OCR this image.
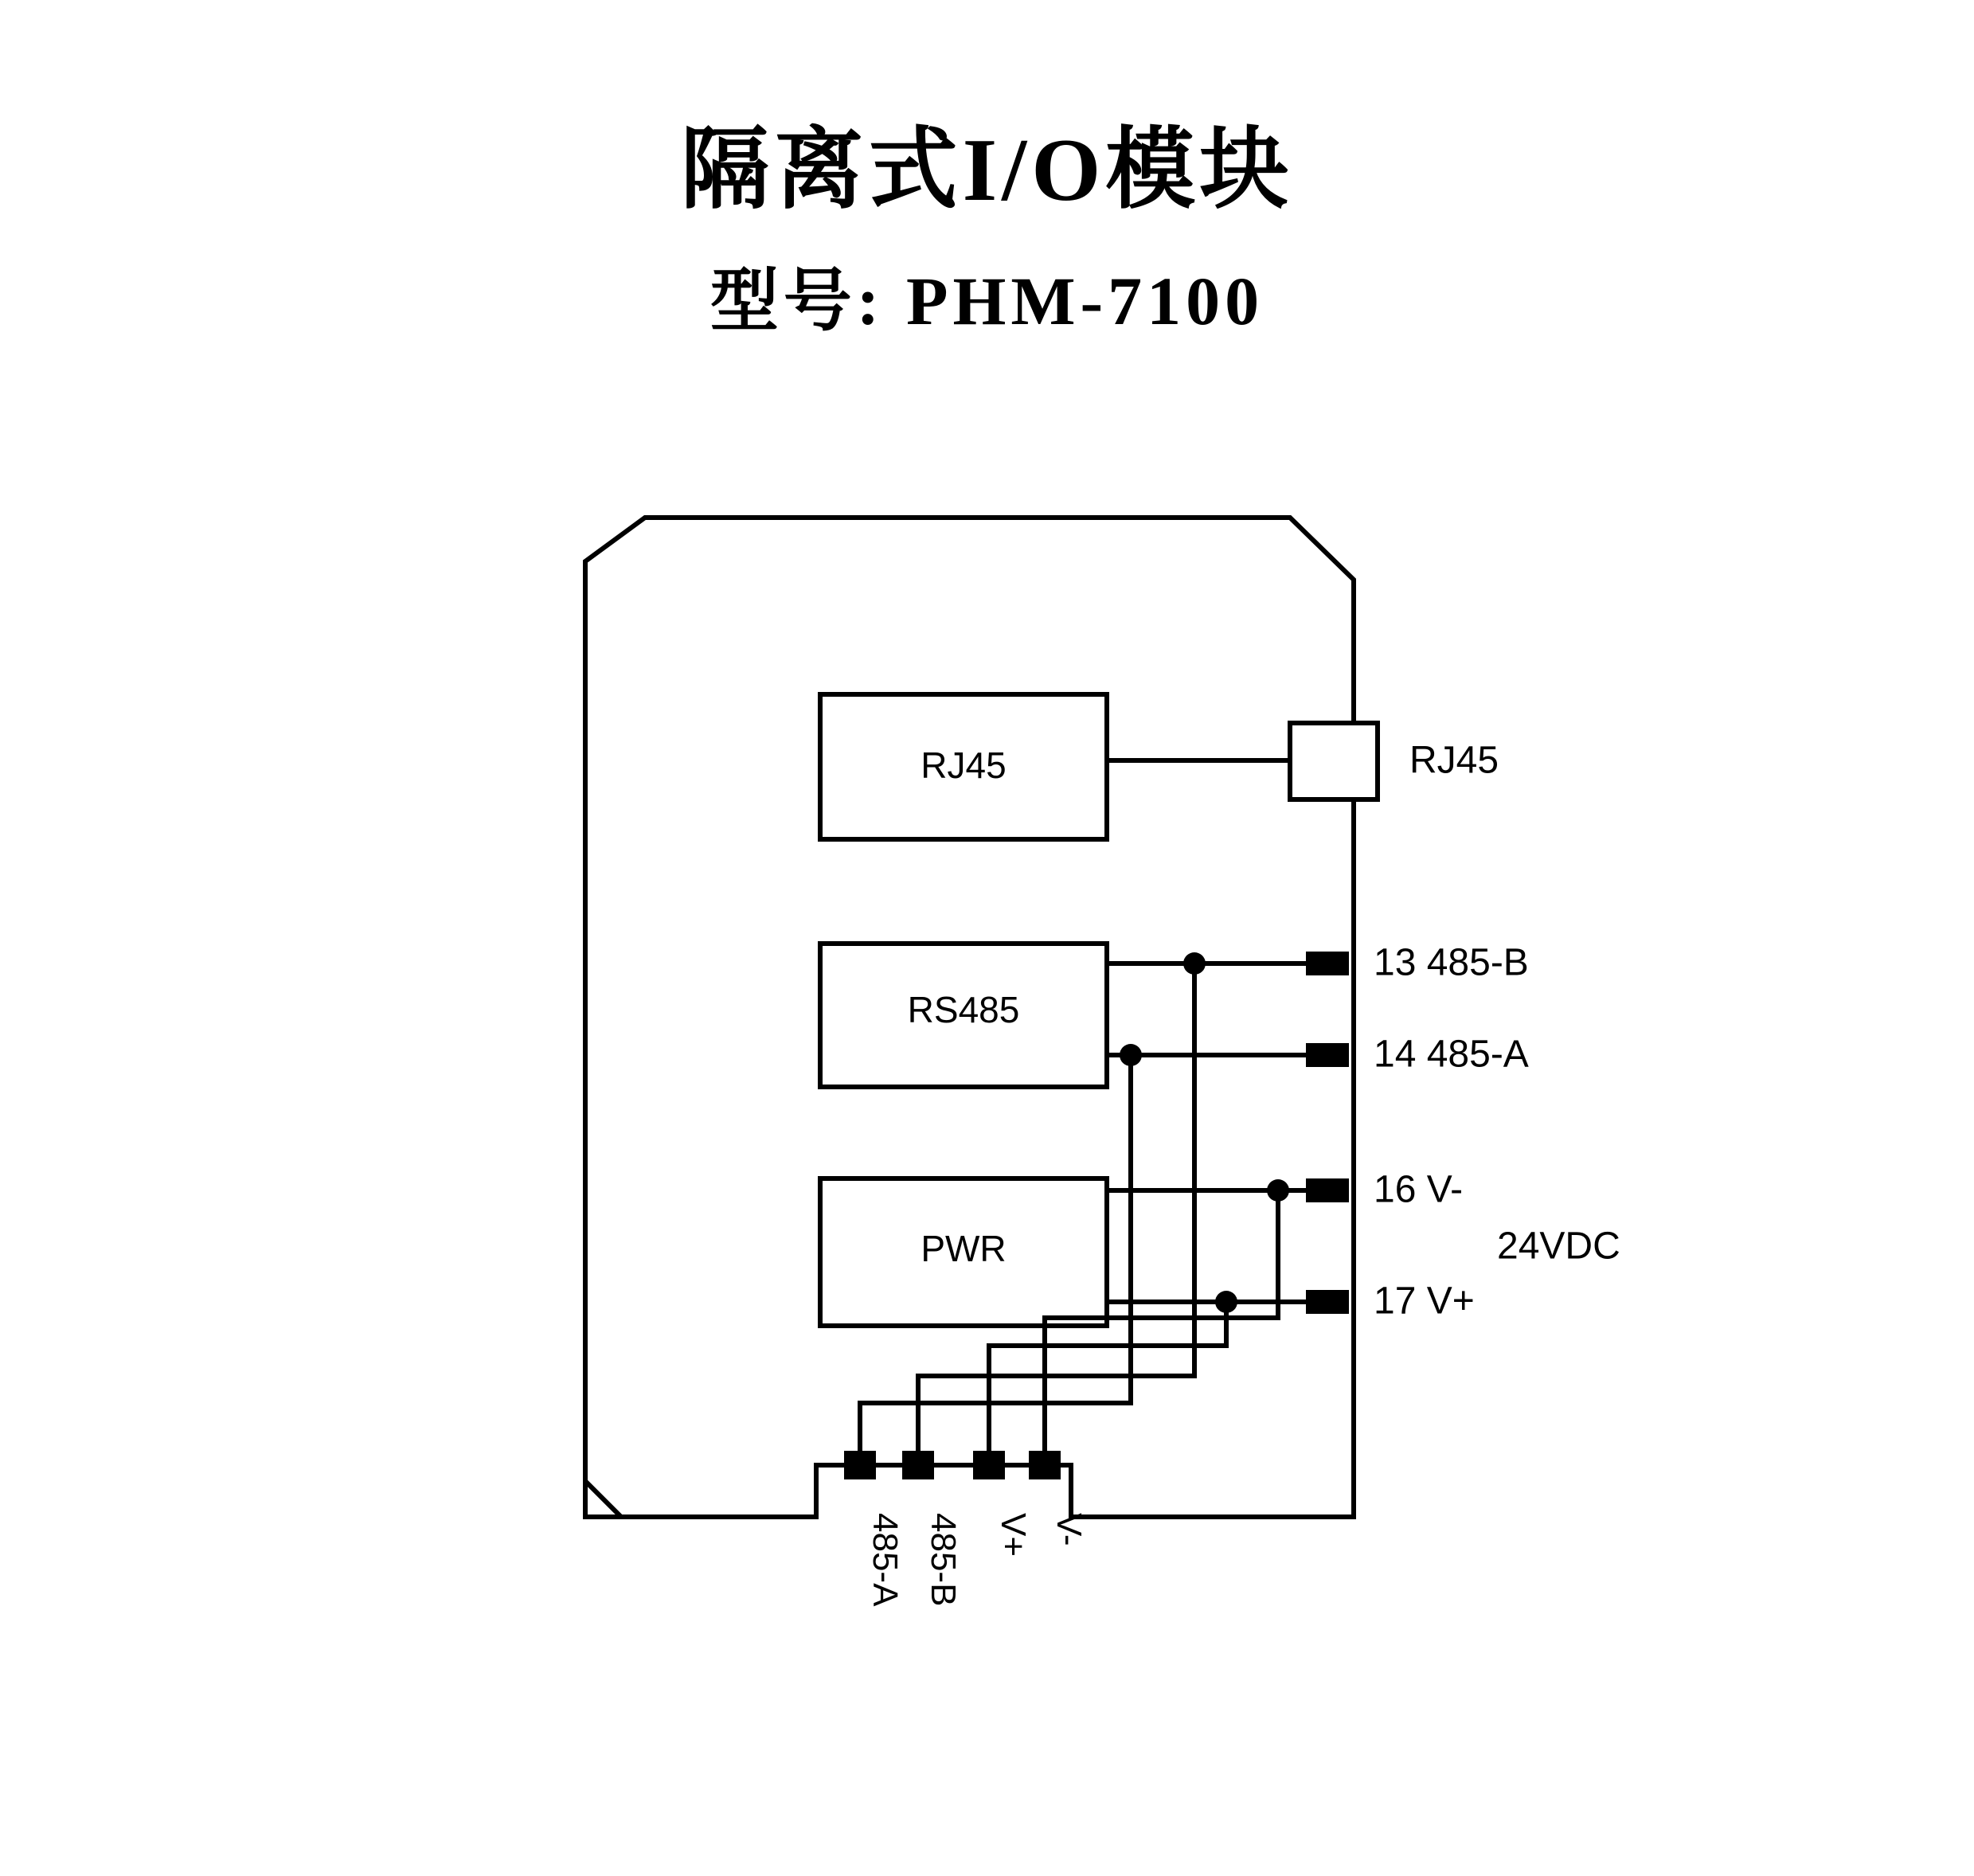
隔离式I/O模块
型号: PHM-7100
RJ45	RJ45
RS485
PWR
13 485-B
14 485-A
16 V-
17 V+
24VDC
485-A 485-B V+ V-
